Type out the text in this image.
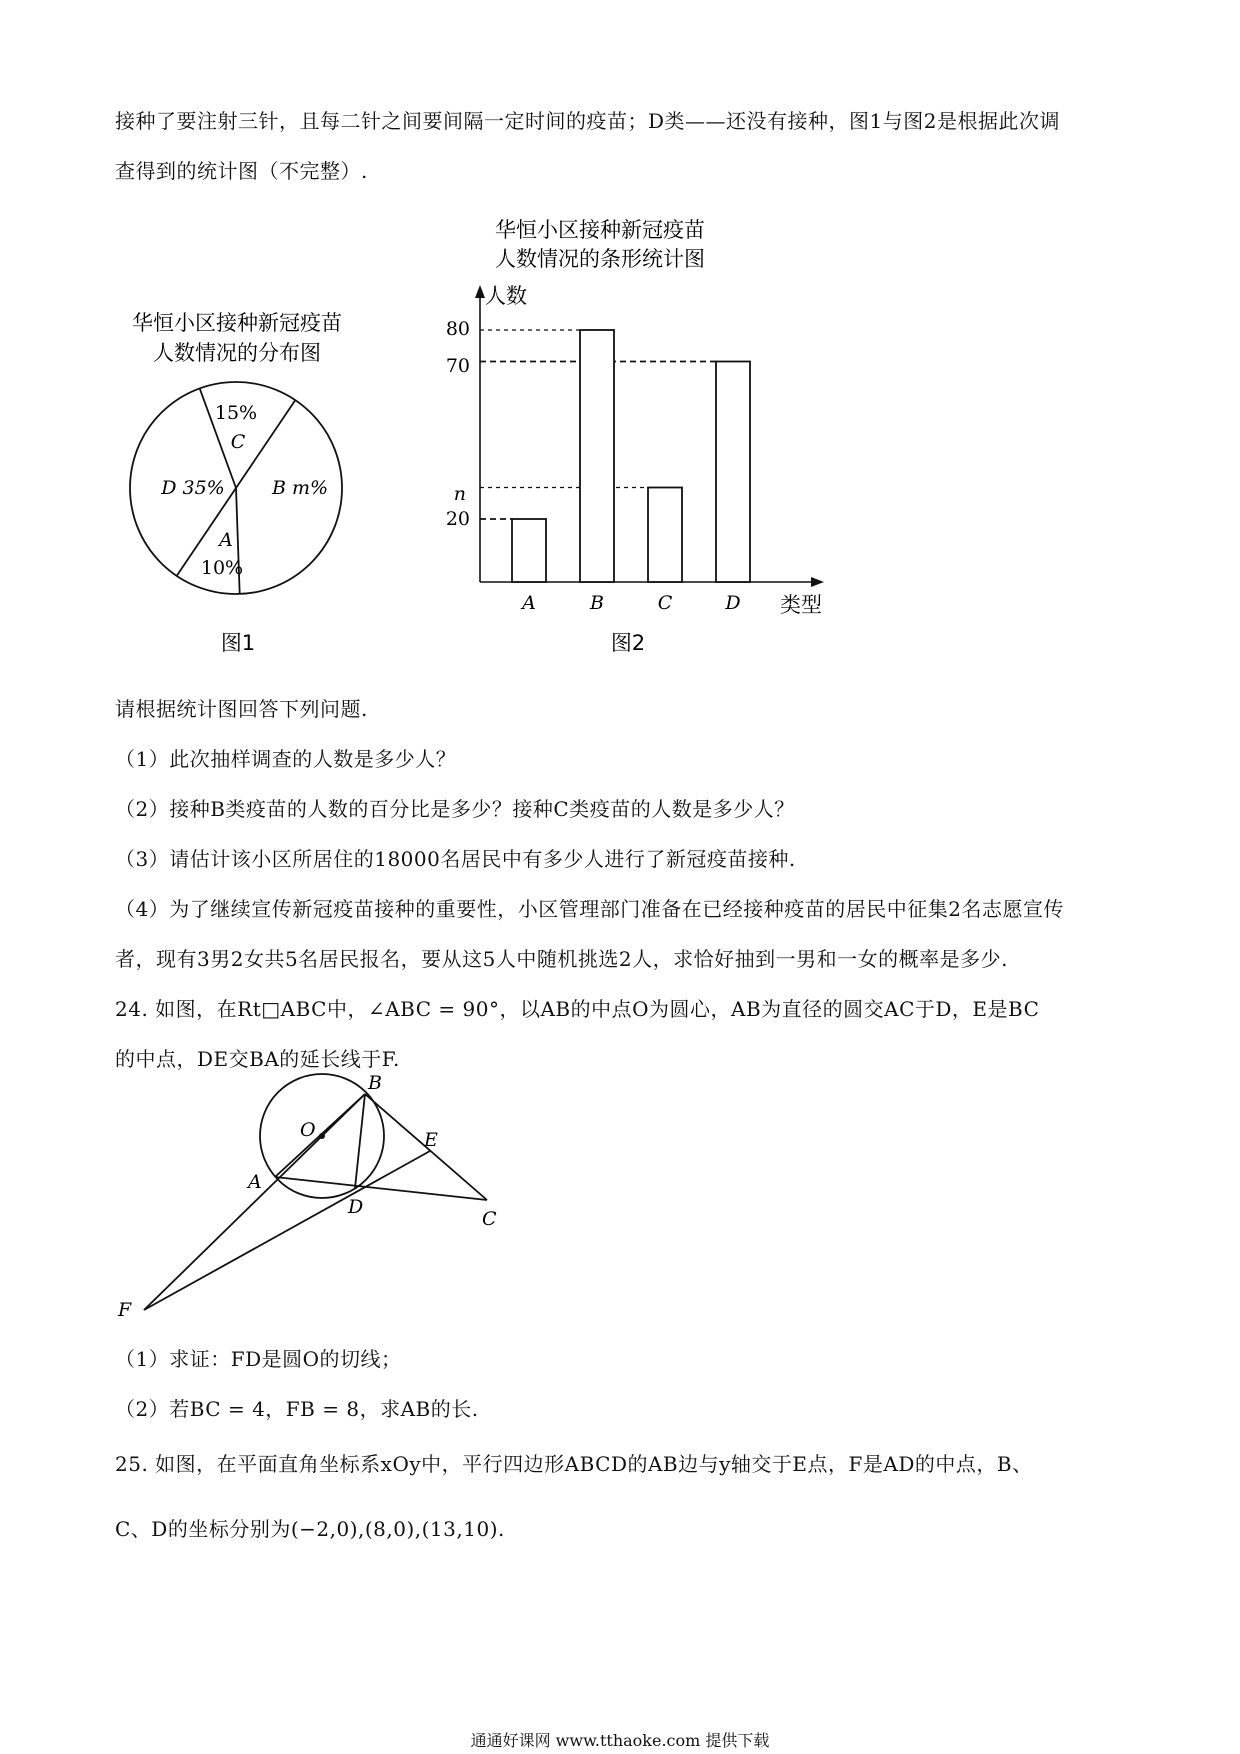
接种了要注射三针，且每二针之间要间隔一定时间的疫苗；D类——还没有接种，图1与图2是根据此次调
查得到的统计图（不完整）.
华恒小区接种新冠疫苗
人数情况的分布图
15%
C
D 35% B m%
A
10%
图1
华恒小区接种新冠疫苗
人数情况的条形统计图
人数
类型
80
70
n
20
A	B	C	D
图2
请根据统计图回答下列问题.
（1）此次抽样调查的人数是多少人？
（2）接种B类疫苗的人数的百分比是多少？接种C类疫苗的人数是多少人？
（3）请估计该小区所居住的18000名居民中有多少人进行了新冠疫苗接种.
（4）为了继续宣传新冠疫苗接种的重要性，小区管理部门准备在已经接种疫苗的居民中征集2名志愿宣传
者，现有3男2女共5名居民报名，要从这5人中随机挑选2人，求恰好抽到一男和一女的概率是多少.
24. 如图，在Rt□ABC中，∠ABC = 90°，以AB的中点O为圆心，AB为直径的圆交AC于D，E是BC
的中点，DE交BA的延长线于F.
B
O	E
A
D
C
F
（1）求证：FD是圆O的切线；
（2）若BC = 4，FB = 8，求AB的长.
25. 如图，在平面直角坐标系xOy中，平行四边形ABCD的AB边与y轴交于E点，F是AD的中点，B、
C、D的坐标分别为(−2,0),(8,0),(13,10).
通通好课网 www.tthaoke.com 提供下载
